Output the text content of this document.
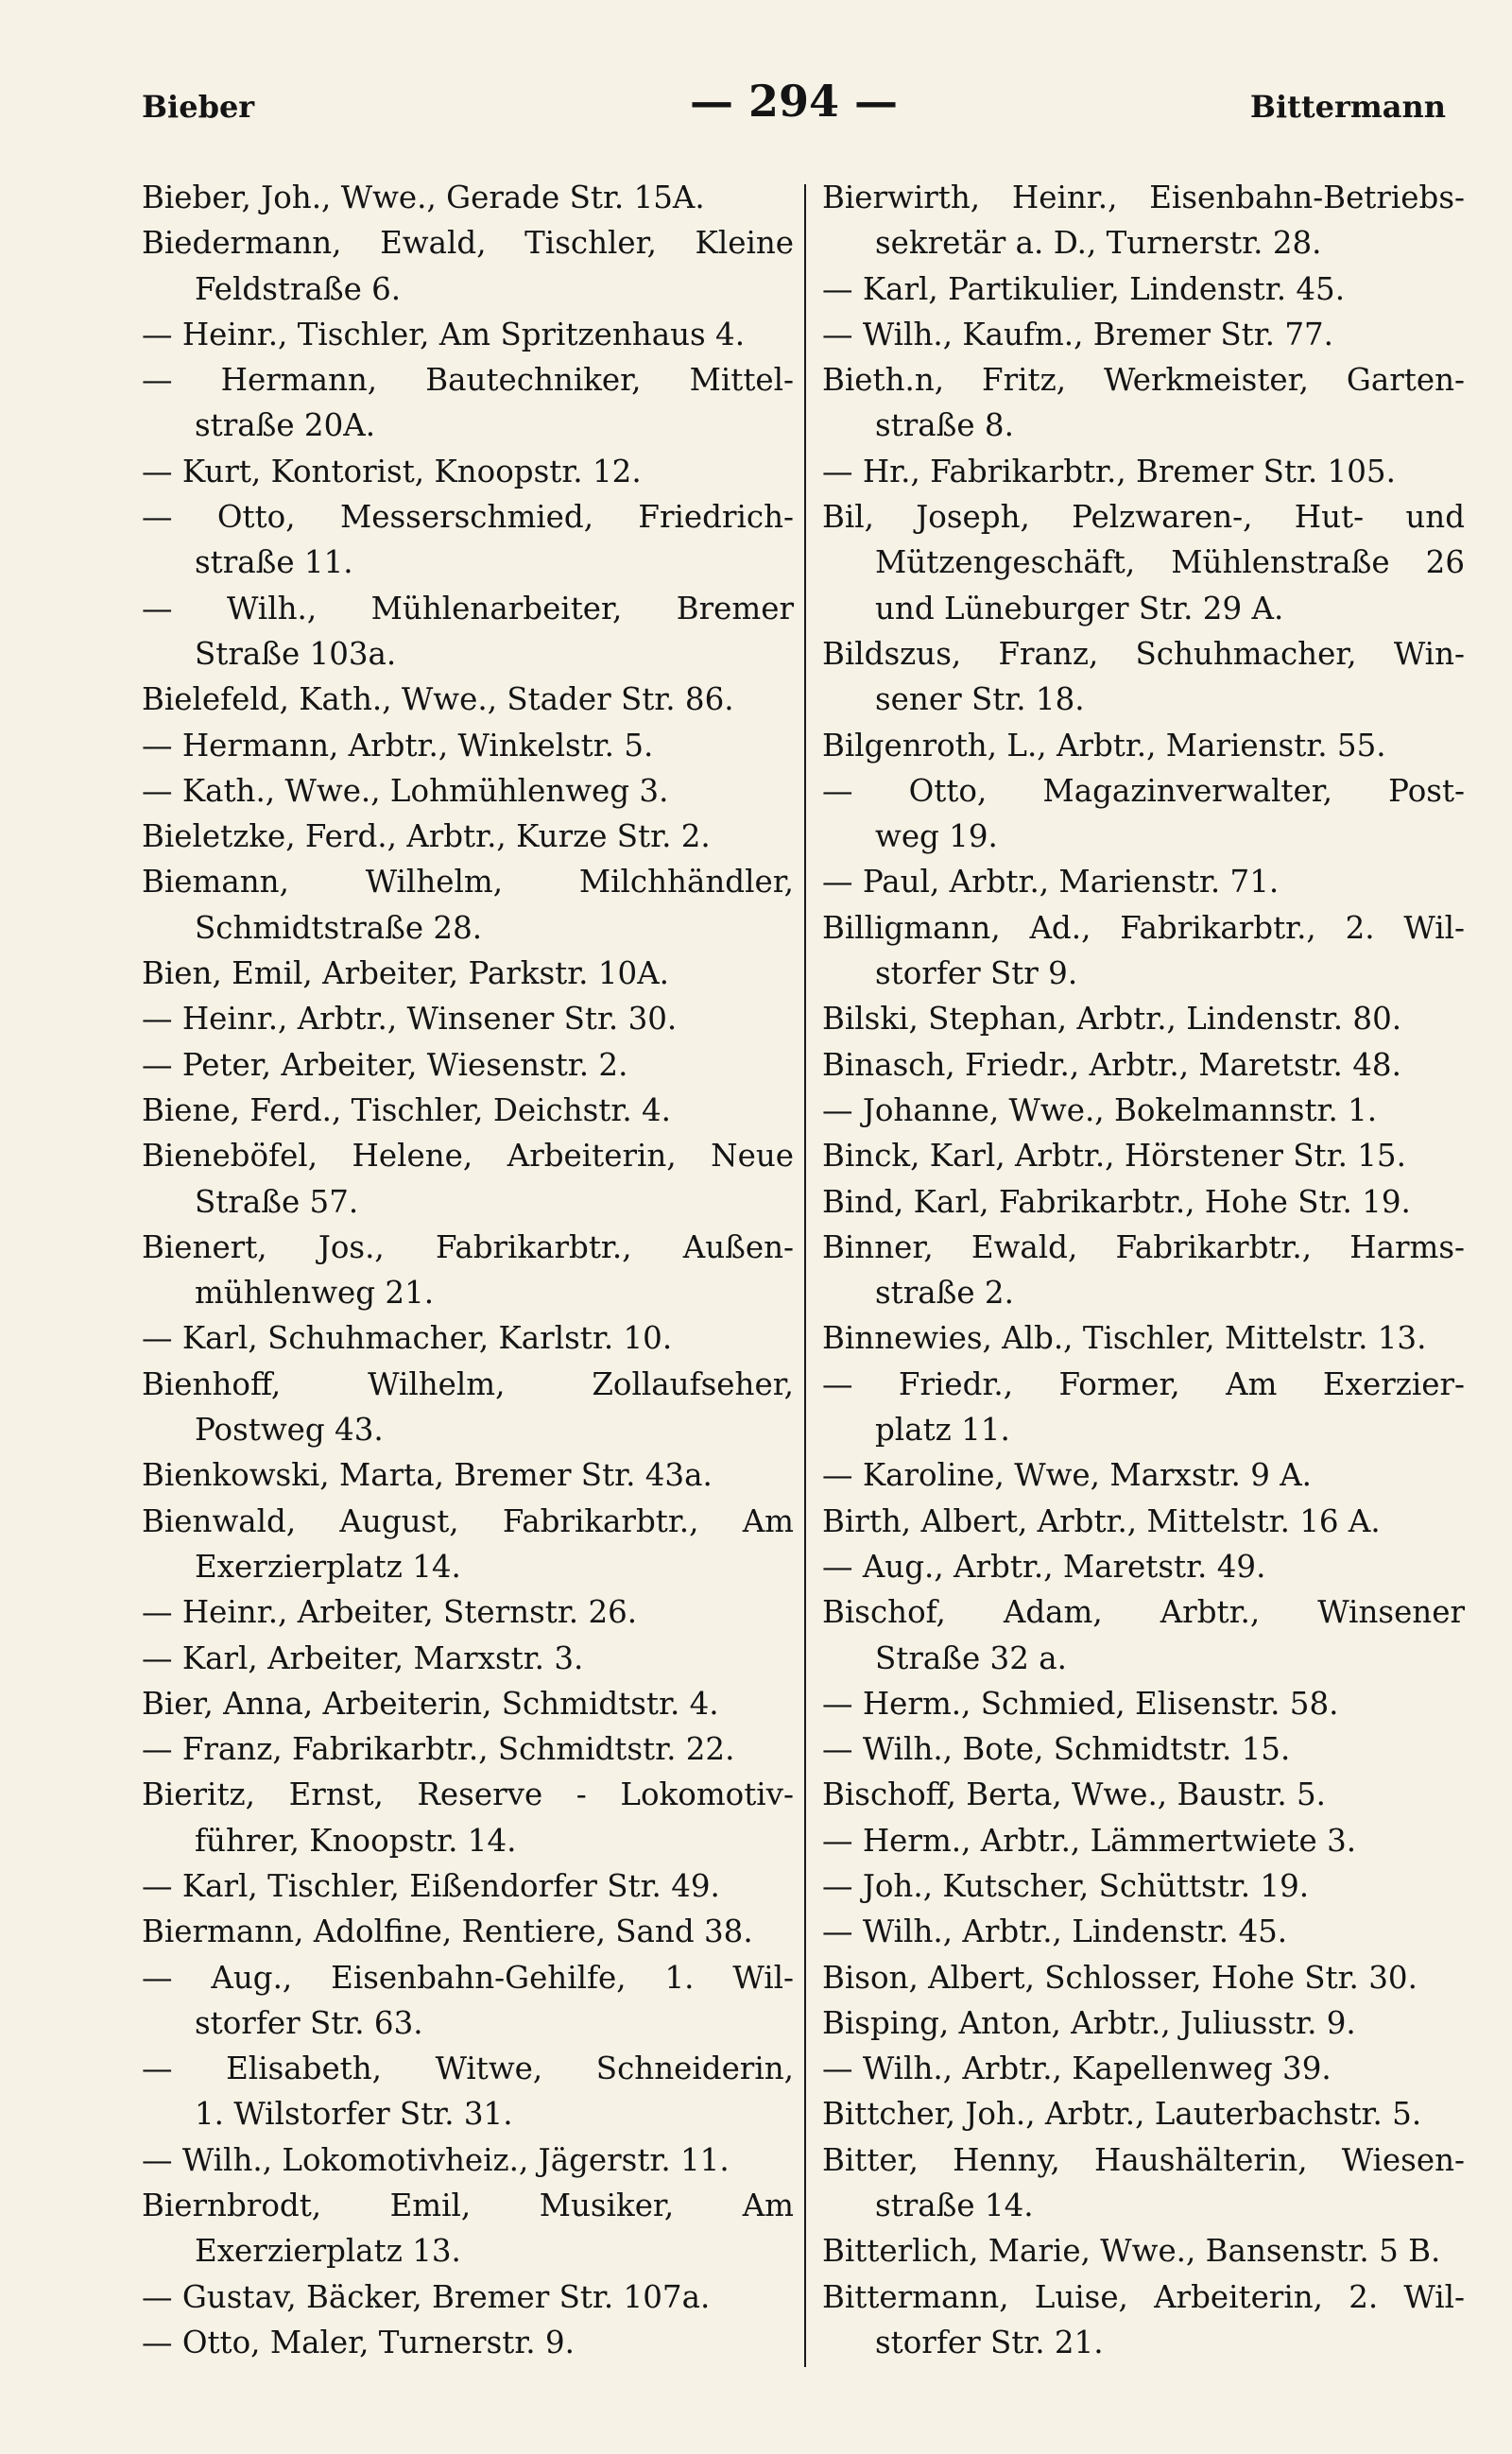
Bieber	— 294 —	Bittermann
Bieber, Joh., Wwe., Gerade Str. 15A.
Biedermann, Ewald, Tischler, Kleine
Feldstraße 6.
— Heinr., Tischler, Am Spritzenhaus 4.
— Hermann, Bautechniker, Mittel-
straße 20A.
— Kurt, Kontorist, Knoopstr. 12.
— Otto, Messerschmied, Friedrich-
straße 11.
— Wilh., Mühlenarbeiter, Bremer
Straße 103a.
Bielefeld, Kath., Wwe., Stader Str. 86.
— Hermann, Arbtr., Winkelstr. 5.
— Kath., Wwe., Lohmühlenweg 3.
Bieletzke, Ferd., Arbtr., Kurze Str. 2.
Biemann, Wilhelm, Milchhändler,
Schmidtstraße 28.
Bien, Emil, Arbeiter, Parkstr. 10A.
— Heinr., Arbtr., Winsener Str. 30.
— Peter, Arbeiter, Wiesenstr. 2.
Biene, Ferd., Tischler, Deichstr. 4.
Bieneböfel, Helene, Arbeiterin, Neue
Straße 57.
Bienert, Jos., Fabrikarbtr., Außen-
mühlenweg 21.
— Karl, Schuhmacher, Karlstr. 10.
Bienhoff, Wilhelm, Zollaufseher,
Postweg 43.
Bienkowski, Marta, Bremer Str. 43a.
Bienwald, August, Fabrikarbtr., Am
Exerzierplatz 14.
— Heinr., Arbeiter, Sternstr. 26.
— Karl, Arbeiter, Marxstr. 3.
Bier, Anna, Arbeiterin, Schmidtstr. 4.
— Franz, Fabrikarbtr., Schmidtstr. 22.
Bieritz, Ernst, Reserve - Lokomotiv-
führer, Knoopstr. 14.
— Karl, Tischler, Eißendorfer Str. 49.
Biermann, Adolfine, Rentiere, Sand 38.
— Aug., Eisenbahn-Gehilfe, 1. Wil-
storfer Str. 63.
— Elisabeth, Witwe, Schneiderin,
1. Wilstorfer Str. 31.
— Wilh., Lokomotivheiz., Jägerstr. 11.
Biernbrodt, Emil, Musiker, Am
Exerzierplatz 13.
— Gustav, Bäcker, Bremer Str. 107a.
— Otto, Maler, Turnerstr. 9.
Bierwirth, Heinr., Eisenbahn-Betriebs-
sekretär a. D., Turnerstr. 28.
— Karl, Partikulier, Lindenstr. 45.
— Wilh., Kaufm., Bremer Str. 77.
Bieth.n, Fritz, Werkmeister, Garten-
straße 8.
— Hr., Fabrikarbtr., Bremer Str. 105.
Bil, Joseph, Pelzwaren-, Hut- und
Mützengeschäft, Mühlenstraße 26
und Lüneburger Str. 29 A.
Bildszus, Franz, Schuhmacher, Win-
sener Str. 18.
Bilgenroth, L., Arbtr., Marienstr. 55.
— Otto, Magazinverwalter, Post-
weg 19.
— Paul, Arbtr., Marienstr. 71.
Billigmann, Ad., Fabrikarbtr., 2. Wil-
storfer Str 9.
Bilski, Stephan, Arbtr., Lindenstr. 80.
Binasch, Friedr., Arbtr., Maretstr. 48.
— Johanne, Wwe., Bokelmannstr. 1.
Binck, Karl, Arbtr., Hörstener Str. 15.
Bind, Karl, Fabrikarbtr., Hohe Str. 19.
Binner, Ewald, Fabrikarbtr., Harms-
straße 2.
Binnewies, Alb., Tischler, Mittelstr. 13.
— Friedr., Former, Am Exerzier-
platz 11.
— Karoline, Wwe, Marxstr. 9 A.
Birth, Albert, Arbtr., Mittelstr. 16 A.
— Aug., Arbtr., Maretstr. 49.
Bischof, Adam, Arbtr., Winsener
Straße 32 a.
— Herm., Schmied, Elisenstr. 58.
— Wilh., Bote, Schmidtstr. 15.
Bischoff, Berta, Wwe., Baustr. 5.
— Herm., Arbtr., Lämmertwiete 3.
— Joh., Kutscher, Schüttstr. 19.
— Wilh., Arbtr., Lindenstr. 45.
Bison, Albert, Schlosser, Hohe Str. 30.
Bisping, Anton, Arbtr., Juliusstr. 9.
— Wilh., Arbtr., Kapellenweg 39.
Bittcher, Joh., Arbtr., Lauterbachstr. 5.
Bitter, Henny, Haushälterin, Wiesen-
straße 14.
Bitterlich, Marie, Wwe., Bansenstr. 5 B.
Bittermann, Luise, Arbeiterin, 2. Wil-
storfer Str. 21.
